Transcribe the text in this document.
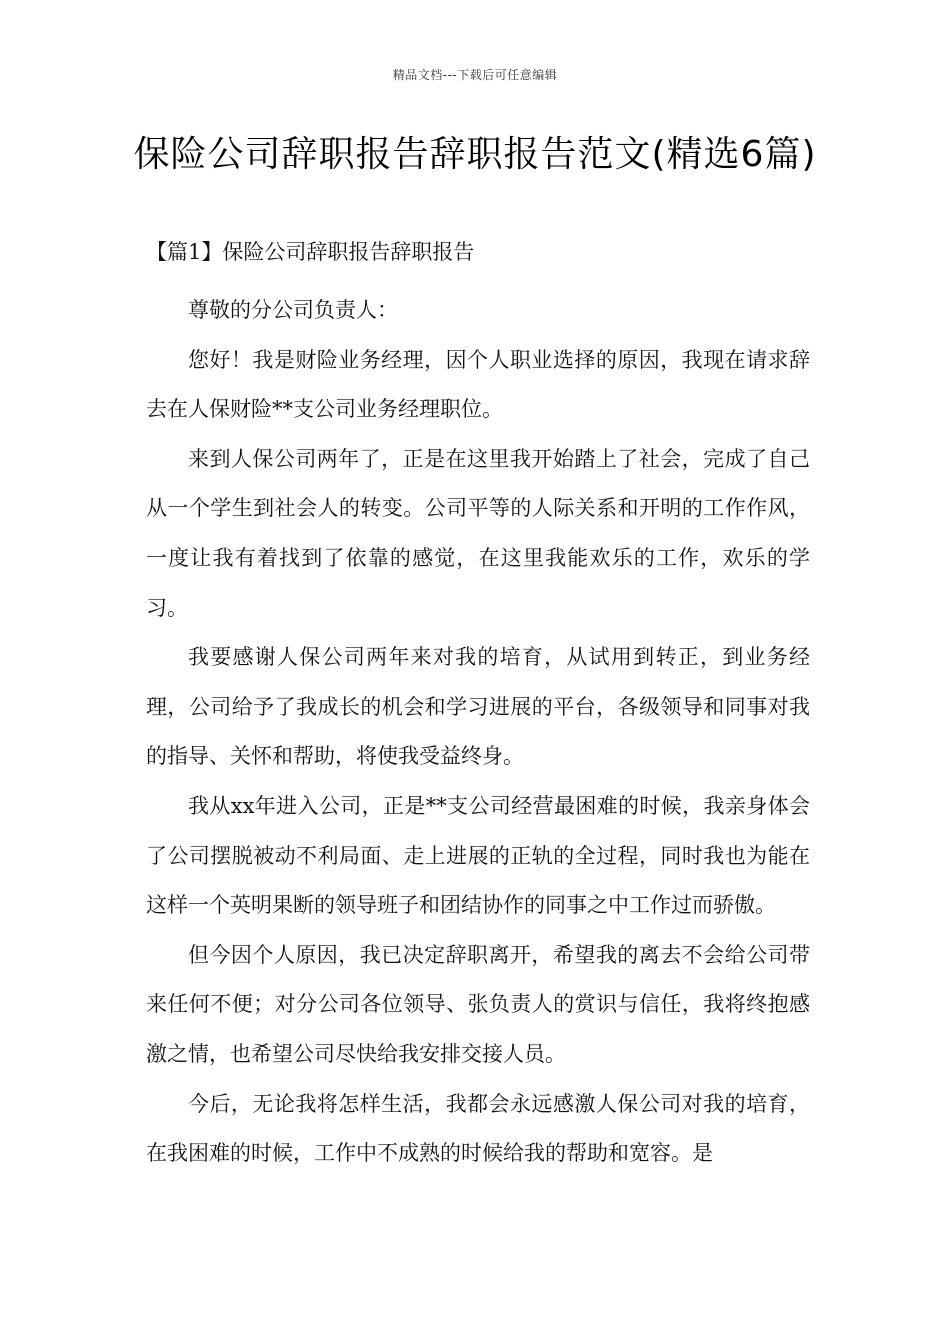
精品文档---下载后可任意编辑
保险公司辞职报告辞职报告范文(精选6篇)
【篇1】保险公司辞职报告辞职报告

尊敬的分公司负责人：

您好！我是财险业务经理，因个人职业选择的原因，我现在请求辞去在人保财险**支公司业务经理职位。

来到人保公司两年了，正是在这里我开始踏上了社会，完成了自己从一个学生到社会人的转变。公司平等的人际关系和开明的工作作风，一度让我有着找到了依靠的感觉，在这里我能欢乐的工作，欢乐的学习。

我要感谢人保公司两年来对我的培育，从试用到转正，到业务经理，公司给予了我成长的机会和学习进展的平台，各级领导和同事对我的指导、关怀和帮助，将使我受益终身。

我从xx年进入公司，正是**支公司经营最困难的时候，我亲身体会了公司摆脱被动不利局面、走上进展的正轨的全过程，同时我也为能在这样一个英明果断的领导班子和团结协作的同事之中工作过而骄傲。

但今因个人原因，我已决定辞职离开，希望我的离去不会给公司带来任何不便；对分公司各位领导、张负责人的赏识与信任，我将终抱感激之情，也希望公司尽快给我安排交接人员。

今后，无论我将怎样生活，我都会永远感激人保公司对我的培育，在我困难的时候，工作中不成熟的时候给我的帮助和宽容。是
